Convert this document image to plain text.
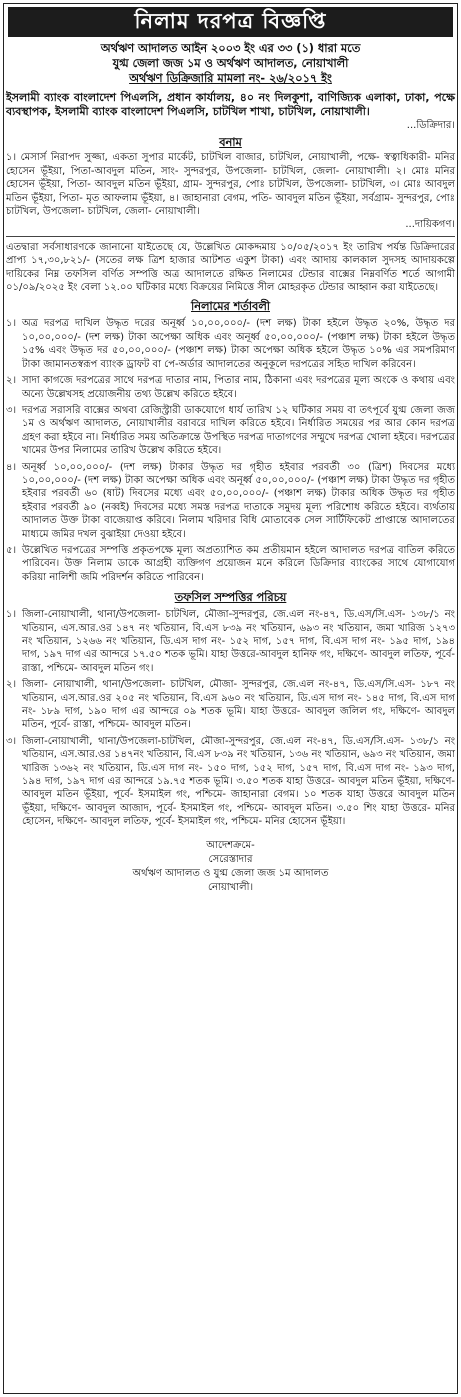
নিলাম দরপত্র বিজ্ঞপ্তি
অর্থঋণ আদালত আইন ২০০৩ ইং এর ৩৩ (১) ধারা মতে
যুগ্ম জেলা জজ ১ম ও অর্থঋণ আদালত, নোয়াখালী
অর্থঋণ ডিক্রিজারি মামলা নং- ২৬/২০১৭ ইং

ইসলামী ব্যাংক বাংলাদেশ পিএলসি, প্রধান কার্যালয়, ৪০ নং দিলকুশা, বাণিজ্যিক এলাকা, ঢাকা, পক্ষে ব্যবস্থাপক, ইসলামী ব্যাংক বাংলাদেশ পিএলসি, চাটখিল শাখা, চাটখিল, নোয়াখালী।

...ডিক্রিদার।
বনাম

১। মেসার্স নিরাপদ সুজ্জা, একতা সুপার মার্কেট, চাটখিল বাজার, চাটখিল, নোয়াখালী, পক্ষে- স্বত্বাধিকারী- মনির হোসেন ভূঁইয়া, পিতা-আবদুল মতিন, সাং- সুন্দরপুর, উপজেলা- চাটখিল, জেলা- নোয়াখালী। ২। মোঃ মনির হোসেন ভূঁইয়া, পিতা- আবদুল মতিন ভূঁইয়া, গ্রাম- সুন্দরপুর, পোঃ চাটখিল, উপজেলা- চাটখিল, ৩। মোঃ আবদুল মতিন ভূঁইয়া, পিতা- মৃত আফলাম ভূঁইয়া, ৪। জাহানারা বেগম, পতি- আবদুল মতিন ভূঁইয়া, সর্বগ্রাম- সুন্দরপুর, পোঃ চাটখিল, উপজেলা- চাটখিল, জেলা- নোয়াখালী।

...দায়িকগণ।

এতদ্বারা সর্বসাধারণকে জানানো যাইতেছে যে, উল্লেখিত মোকদ্দমায় ১০/০৫/২০১৭ ইং তারিখ পর্যন্ত ডিক্রিদারের প্রাপ্য ১৭,৩০,৮২১/- (সতের লক্ষ ত্রিশ হাজার আটশত একুশ টাকা) এবং আদায় কালকাল সুদসহ আদায়কল্পে দায়িকের নিম্ন তফসিল বর্ণিত সম্পত্তি অত্র আদালতে রক্ষিত নিলামের টেন্ডার বাক্সের নিম্নবর্ণিত শর্তে আগামী ০১/০৯/২০২৫ ইং বেলা ১২.০০ ঘটিকার মধ্যে বিক্রয়ের নিমিত্তে সীল মোহরকৃত টেন্ডার আহ্বান করা যাইতেছে।

নিলামের শর্তাবলী
১। অত্র দরপত্র দাখিল উদ্ধৃত দরের অনূর্ধ্ব ১০,০০,০০০/- (দশ লক্ষ) টাকা হইলে উদ্ধৃত ২০%, উদ্ধৃত দর ১০,০০,০০০/- (দশ লক্ষ) টাকা অপেক্ষা অধিক এবং অনূর্ধ্ব ৫০,০০,০০০/- (পঞ্চাশ লক্ষ) টাকা হইলে উদ্ধৃত ১৫% এবং উদ্ধৃত দর ৫০,০০,০০০/- (পঞ্চাশ লক্ষ) টাকা অপেক্ষা অধিক হইলে উদ্ধৃত ১০% এর সমপরিমাণ টাকা জামানতস্বরূপ ব্যাংক ড্রাফট বা পে-অর্ডার আদালতের অনুকূলে দরপত্রের সহিত দাখিল করিবেন।
২। সাদা কাগজে দরপত্রের সাথে দরপত্র দাতার নাম, পিতার নাম, ঠিকানা এবং দরপত্রের মূল্য অংকে ও কথায় এবং অন্যে উল্লেখসহ প্রয়োজনীয় তথ্য উল্লেখ করিতে হইবে।
৩। দরপত্র সরাসরি বাক্সের অথবা রেজিস্ট্রারী ডাকযোগে ধার্য তারিখ ১২ ঘটিকার সময় বা তৎপূর্বে যুগ্ম জেলা জজ ১ম ও অর্থঋণ আদালত, নোয়াখালীর বরাবরে দাখিল করিতে হইবে। নির্ধারিত সময়ের পর আর কোন দরপত্র গ্রহণ করা হইবে না। নির্ধারিত সময় অতিক্রান্তে উপস্থিত দরপত্র দাতাগণের সম্মুখে দরপত্র খোলা হইবে। দরপত্রের খামের উপর নিলামের তারিখ উল্লেখ করিতে হইবে।
৪। অনূর্ধ্ব ১০,০০,০০০/- (দশ লক্ষ) টাকার উদ্ধৃত দর গৃহীত হইবার পরবর্তী ৩০ (ত্রিশ) দিবসের মধ্যে ১০,০০,০০০/- (দশ লক্ষ) টাকা অপেক্ষা অধিক এবং অনূর্ধ্ব ৫০,০০,০০০/- (পঞ্চাশ লক্ষ) টাকা উদ্ধৃত দর গৃহীত হইবার পরবর্তী ৬০ (ষাট) দিবসের মধ্যে এবং ৫০,০০,০০০/- (পঞ্চাশ লক্ষ) টাকার অধিক উদ্ধৃত দর গৃহীত হইবার পরবর্তী ৯০ (নব্বই) দিবসের মধ্যে সমস্ত দরপত্র দাতাকে সমুদয় মূল্য পরিশোধ করিতে হইবে। ব্যর্থতায় আদালত উক্ত টাকা বাজেয়াপ্ত করিবে। নিলাম খরিদার বিধি মোতাবেক সেল সার্টিফিকেট প্রাপ্তান্তে আদালতের মাধ্যমে জমির দখল বুঝাইয়া দেওয়া হইবে।
৫। উল্লেখিত দরপত্রের সম্পত্তি প্রকৃতপক্ষে মূল্য অপ্রত্যাশিত কম প্রতীয়মান হইলে আদালত দরপত্র বাতিল করিতে পারিবেন। উক্ত নিলাম ডাকে আগ্রহী ব্যক্তিগণ প্রয়োজন মনে করিলে ডিক্রিদার ব্যাংকের সাথে যোগাযোগ করিয়া নালিশী জমি পরিদর্শন করিতে পারিবেন।
তফসিল সম্পত্তির পরিচয়
১। জিলা-নোয়াখালী, থানা/উপজেলা- চাটখিল, মৌজা-সুন্দরপুর, জে.এল নং-৪৭, ডি.এস/সি.এস- ১৩৮/১ নং খতিয়ান, এস.আর.ওর ১৪৭ নং খতিয়ান, বি.এস ৮৩৯ নং খতিয়ান, ৬৯৩ নং খতিয়ান, জমা খারিজ ১২৭৩ নং খতিয়ান, ১২৬৬ নং খতিয়ান, ডি.এস দাগ নং- ১৫২ দাগ, ১৫৭ দাগ, বি.এস দাগ নং- ১৯৫ দাগ, ১৯৪ দাগ, ১৯৭ দাগ এর আন্দরে ১৭.৫০ শতক ভূমি। যাহা উত্তরে-আবদুল হানিফ গং, দক্ষিণে- আবদুল লতিফ, পূর্বে- রাস্তা, পশ্চিমে- আবদুল মতিন গং।
২। জিলা- নোয়াখালী, থানা/উপজেলা- চাটখিল, মৌজা- সুন্দরপুর, জে.এল নং-৪৭, ডি.এস/সি.এস- ১৮৭ নং খতিয়ান, এস.আর.ওর ২০৫ নং খতিয়ান, বি.এস ৯৬০ নং খতিয়ান, ডি.এস দাগ নং- ১৪৫ দাগ, বি.এস দাগ নং- ১৮৯ দাগ, ১৯০ দাগ এর আন্দরে ০৯ শতক ভূমি। যাহা উত্তরে- আবদুল জলিল গং, দক্ষিণে- আবদুল মতিন, পূর্বে- রাস্তা, পশ্চিমে- আবদুল মতিন।
৩। জিলা-নোয়াখালী, থানা/উপজেলা-চাটখিল, মৌজা-সুন্দরপুর, জে.এল নং-৪৭, ডি.এস/সি.এস- ১৩৮/১ নং খতিয়ান, এস.আর.ওর ১৪৭নং খতিয়ান, বি.এস ৮৩৯ নং খতিয়ান, ১৩৬ নং খতিয়ান, ৬৯৩ নং খতিয়ান, জমা খারিজ ১৩৬২ নং খতিয়ান, ডি.এস দাগ নং- ১৫০ দাগ, ১৫২ দাগ, ১৫৭ দাগ, বি.এস দাগ নং- ১৯৩ দাগ, ১৯৪ দাগ, ১৯৭ দাগ এর আন্দরে ১৯.৭৫ শতক ভূমি। ৩.৫০ শতক যাহা উত্তরে- আবদুল মতিন ভূঁইয়া, দক্ষিণে- আবদুল মতিন ভূঁইয়া, পূর্বে- ইসমাইল গং, পশ্চিমে- জাহানারা বেগম। ১০ শতক যাহা উত্তরে আবদুল মতিন ভূঁইয়া, দক্ষিণে- আবদুল আজাদ, পূর্বে- ইসমাইল গং, পশ্চিমে- আবদুল মতিন। ৩.৫০ শিং যাহা উত্তরে- মনির হোসেন, দক্ষিণে- আবদুল লতিফ, পূর্বে- ইসমাইল গং, পশ্চিমে- মনির হোসেন ভূঁইয়া।
আদেশক্রমে-
সেরেস্তাদার
অর্থঋণ আদালত ও যুগ্ম জেলা জজ ১ম আদালত
নোয়াখালী।
